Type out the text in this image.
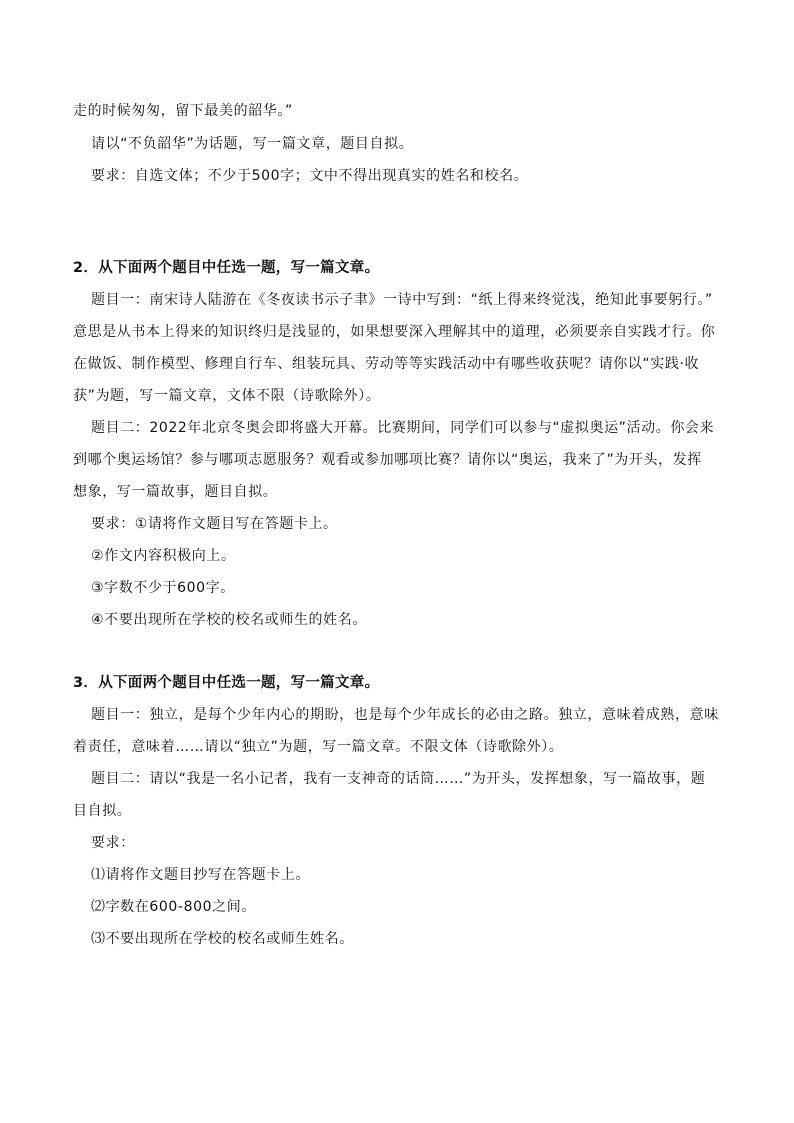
走的时候匆匆，留下最美的韶华。”
请以“不负韶华”为话题，写一篇文章，题目自拟。
要求：自选文体；不少于500字；文中不得出现真实的姓名和校名。
2．从下面两个题目中任选一题，写一篇文章。
题目一：南宋诗人陆游在《冬夜读书示子聿》一诗中写到：“纸上得来终觉浅，绝知此事要躬行。”
意思是从书本上得来的知识终归是浅显的，如果想要深入理解其中的道理，必须要亲自实践才行。你
在做饭、制作模型、修理自行车、组装玩具、劳动等等实践活动中有哪些收获呢？请你以“实践·收
获”为题，写一篇文章，文体不限（诗歌除外）。
题目二：2022年北京冬奥会即将盛大开幕。比赛期间，同学们可以参与“虚拟奥运”活动。你会来
到哪个奥运场馆？参与哪项志愿服务？观看或参加哪项比赛？请你以“奥运，我来了”为开头，发挥
想象，写一篇故事，题目自拟。
要求：①请将作文题目写在答题卡上。
②作文内容积极向上。
③字数不少于600字。
④不要出现所在学校的校名或师生的姓名。
3．从下面两个题目中任选一题，写一篇文章。
题目一：独立，是每个少年内心的期盼，也是每个少年成长的必由之路。独立，意味着成熟，意味
着责任，意味着……请以“独立”为题，写一篇文章。不限文体（诗歌除外）。
题目二：请以“我是一名小记者，我有一支神奇的话筒……”为开头，发挥想象，写一篇故事，题
目自拟。
要求：
⑴请将作文题目抄写在答题卡上。
⑵字数在600-800之间。
⑶不要出现所在学校的校名或师生姓名。
